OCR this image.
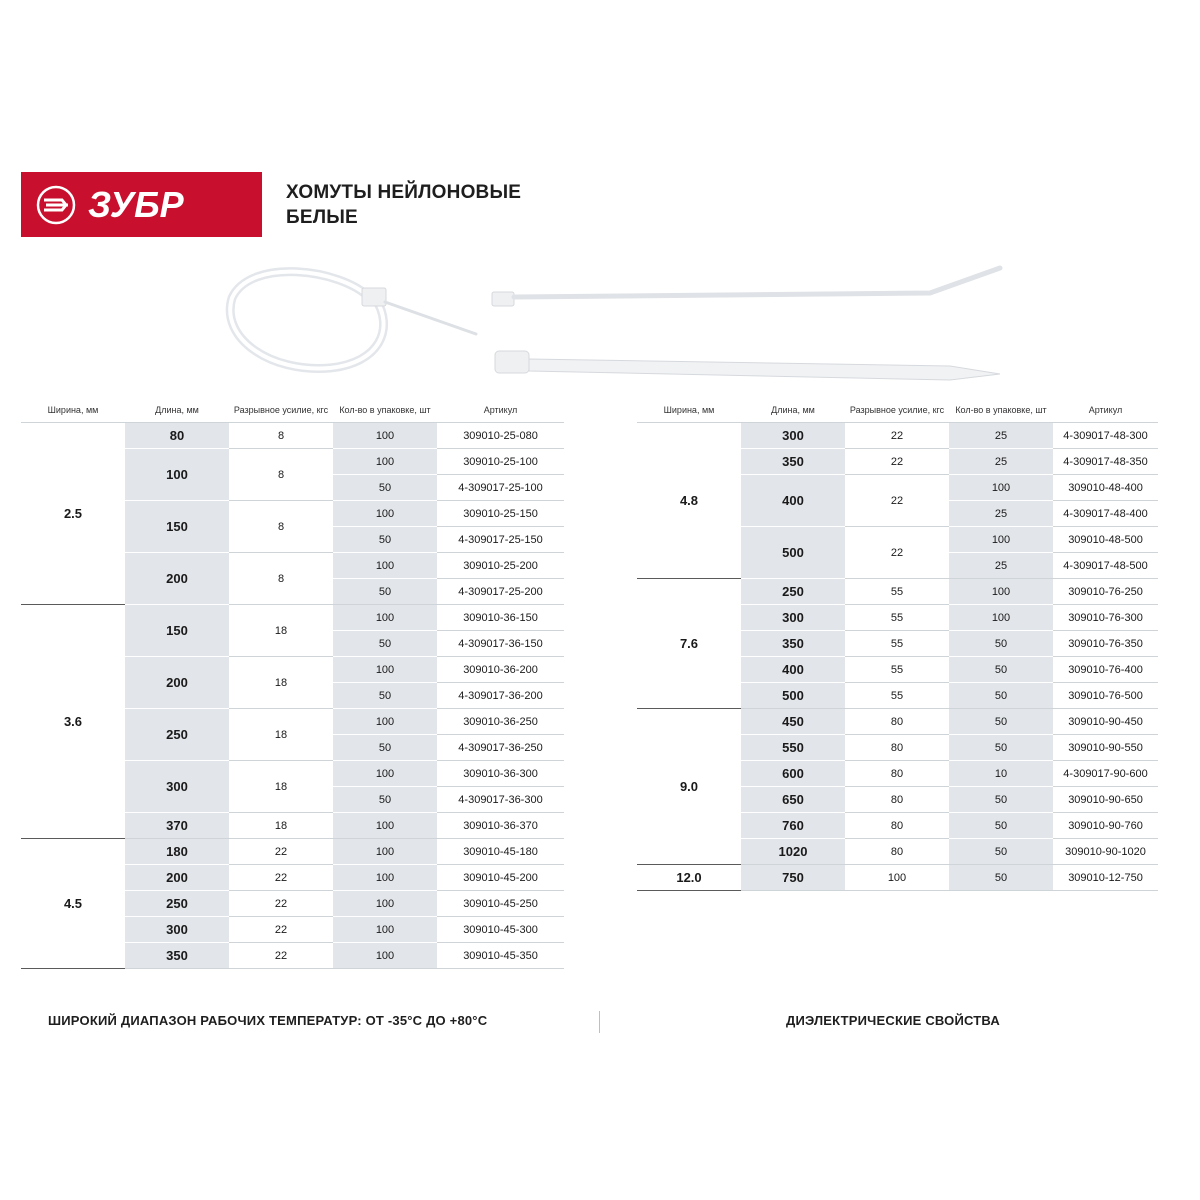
ЗУБР	ХОМУТЫ НЕЙЛОНОВЫЕ
БЕЛЫЕ
Ширина, мм	Длина, мм	Разрывное усилие, кгс	Кол-во в упаковке, шт	Артикул
2.5	80	8	100	309010-25-080
	100	8	100	309010-25-100
			50	4-309017-25-100
	150	8	100	309010-25-150
			50	4-309017-25-150
	200	8	100	309010-25-200
			50	4-309017-25-200
3.6	150	18	100	309010-36-150
			50	4-309017-36-150
	200	18	100	309010-36-200
			50	4-309017-36-200
	250	18	100	309010-36-250
			50	4-309017-36-250
	300	18	100	309010-36-300
			50	4-309017-36-300
	370	18	100	309010-36-370
4.5	180	22	100	309010-45-180
	200	22	100	309010-45-200
	250	22	100	309010-45-250
	300	22	100	309010-45-300
	350	22	100	309010-45-350
Ширина, мм	Длина, мм	Разрывное усилие, кгс	Кол-во в упаковке, шт	Артикул
4.8	300	22	25	4-309017-48-300
	350	22	25	4-309017-48-350
	400	22	100	309010-48-400
			25	4-309017-48-400
	500	22	100	309010-48-500
			25	4-309017-48-500
7.6	250	55	100	309010-76-250
	300	55	100	309010-76-300
	350	55	50	309010-76-350
	400	55	50	309010-76-400
	500	55	50	309010-76-500
9.0	450	80	50	309010-90-450
	550	80	50	309010-90-550
	600	80	10	4-309017-90-600
	650	80	50	309010-90-650
	760	80	50	309010-90-760
	1020	80	50	309010-90-1020
12.0	750	100	50	309010-12-750
ШИРОКИЙ ДИАПАЗОН РАБОЧИХ ТЕМПЕРАТУР: ОТ -35°С ДО +80°С	ДИЭЛЕКТРИЧЕСКИЕ СВОЙСТВА
